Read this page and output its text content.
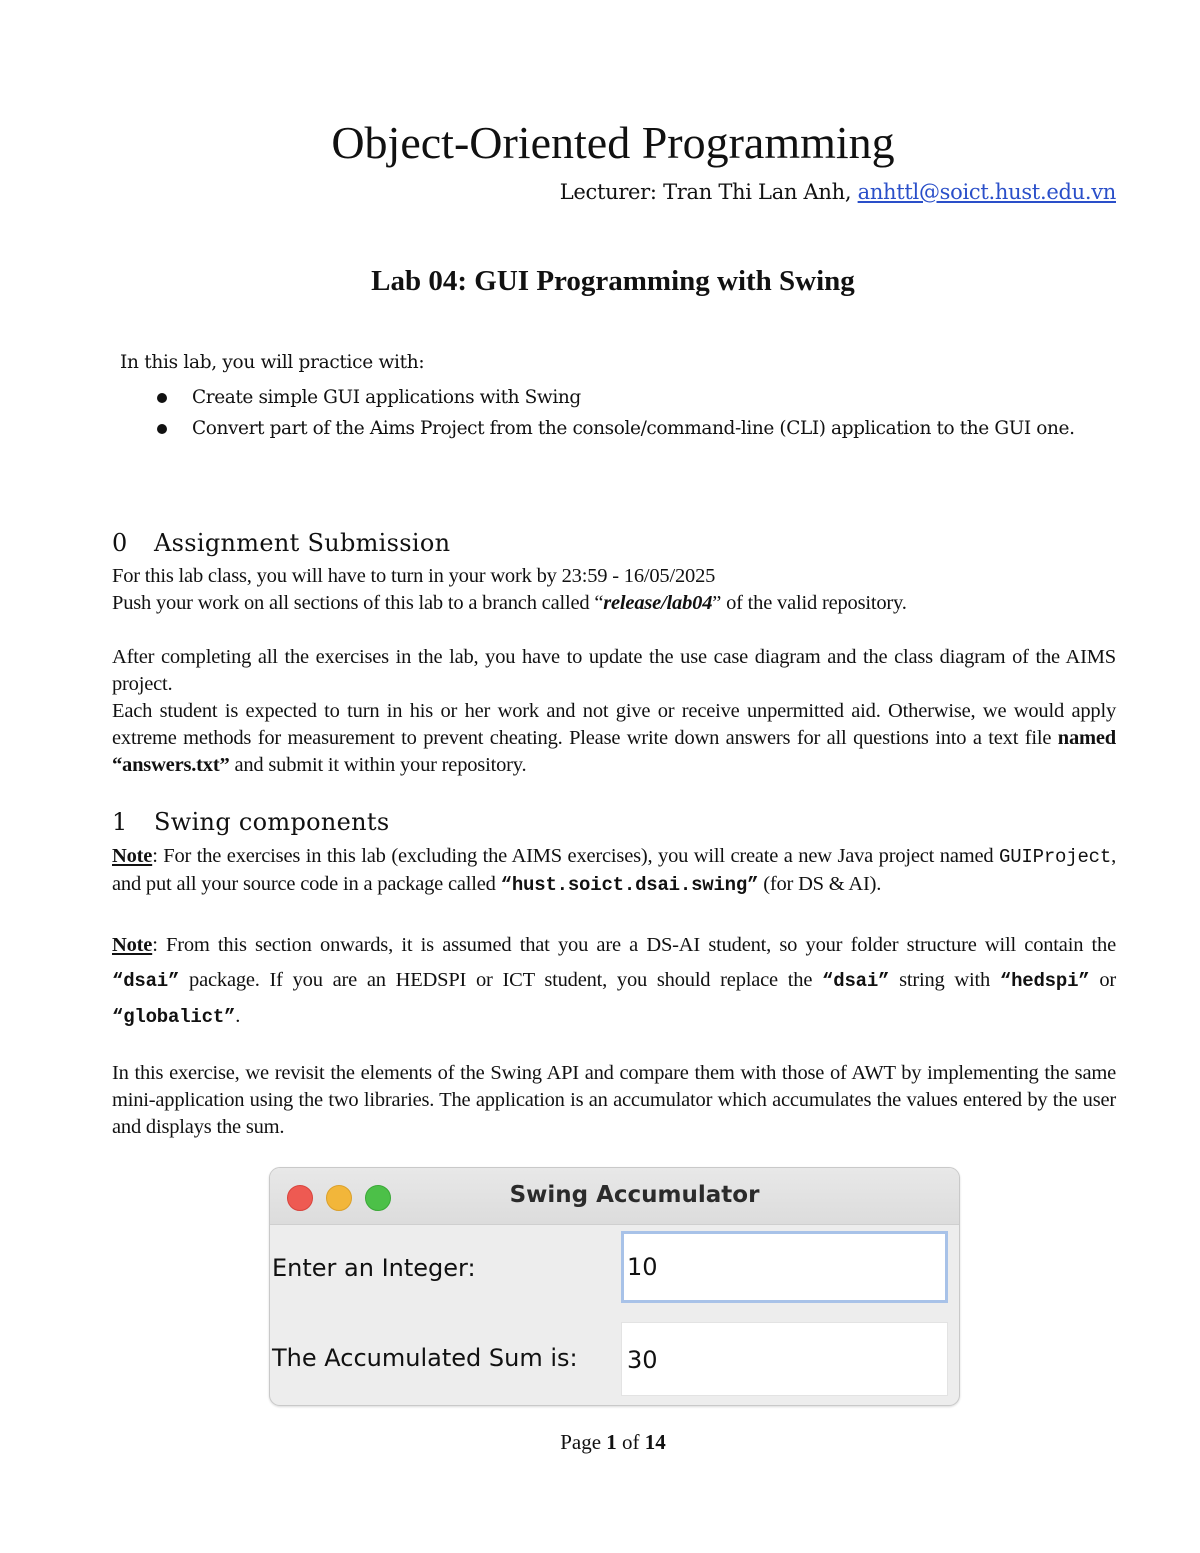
Object-Oriented Programming
Lecturer: Tran Thi Lan Anh, anhttl@soict.hust.edu.vn
Lab 04: GUI Programming with Swing
In this lab, you will practice with:
Create simple GUI applications with Swing
Convert part of the Aims Project from the console/command-line (CLI) application to the GUI one.
0 Assignment Submission

For this lab class, you will have to turn in your work by 23:59 - 16/05/2025
Push your work on all sections of this lab to a branch called “release/lab04” of the valid repository.

After completing all the exercises in the lab, you have to update the use case diagram and the class diagram of the AIMS project.

Each student is expected to turn in his or her work and not give or receive unpermitted aid. Otherwise, we would apply extreme methods for measurement to prevent cheating. Please write down answers for all questions into a text file named “answers.txt” and submit it within your repository.

1 Swing components

Note: For the exercises in this lab (excluding the AIMS exercises), you will create a new Java project named GUIProject, and put all your source code in a package called “hust.soict.dsai.swing” (for DS & AI).

Note: From this section onwards, it is assumed that you are a DS-AI student, so your folder structure will contain the “dsai” package. If you are an HEDSPI or ICT student, you should replace the “dsai” string with “hedspi” or “globalict”.

In this exercise, we revisit the elements of the Swing API and compare them with those of AWT by implementing the same mini-application using the two libraries. The application is an accumulator which accumulates the values entered by the user and displays the sum.

Swing Accumulator
Enter an Integer:	10
The Accumulated Sum is: 30
Page 1 of 14
